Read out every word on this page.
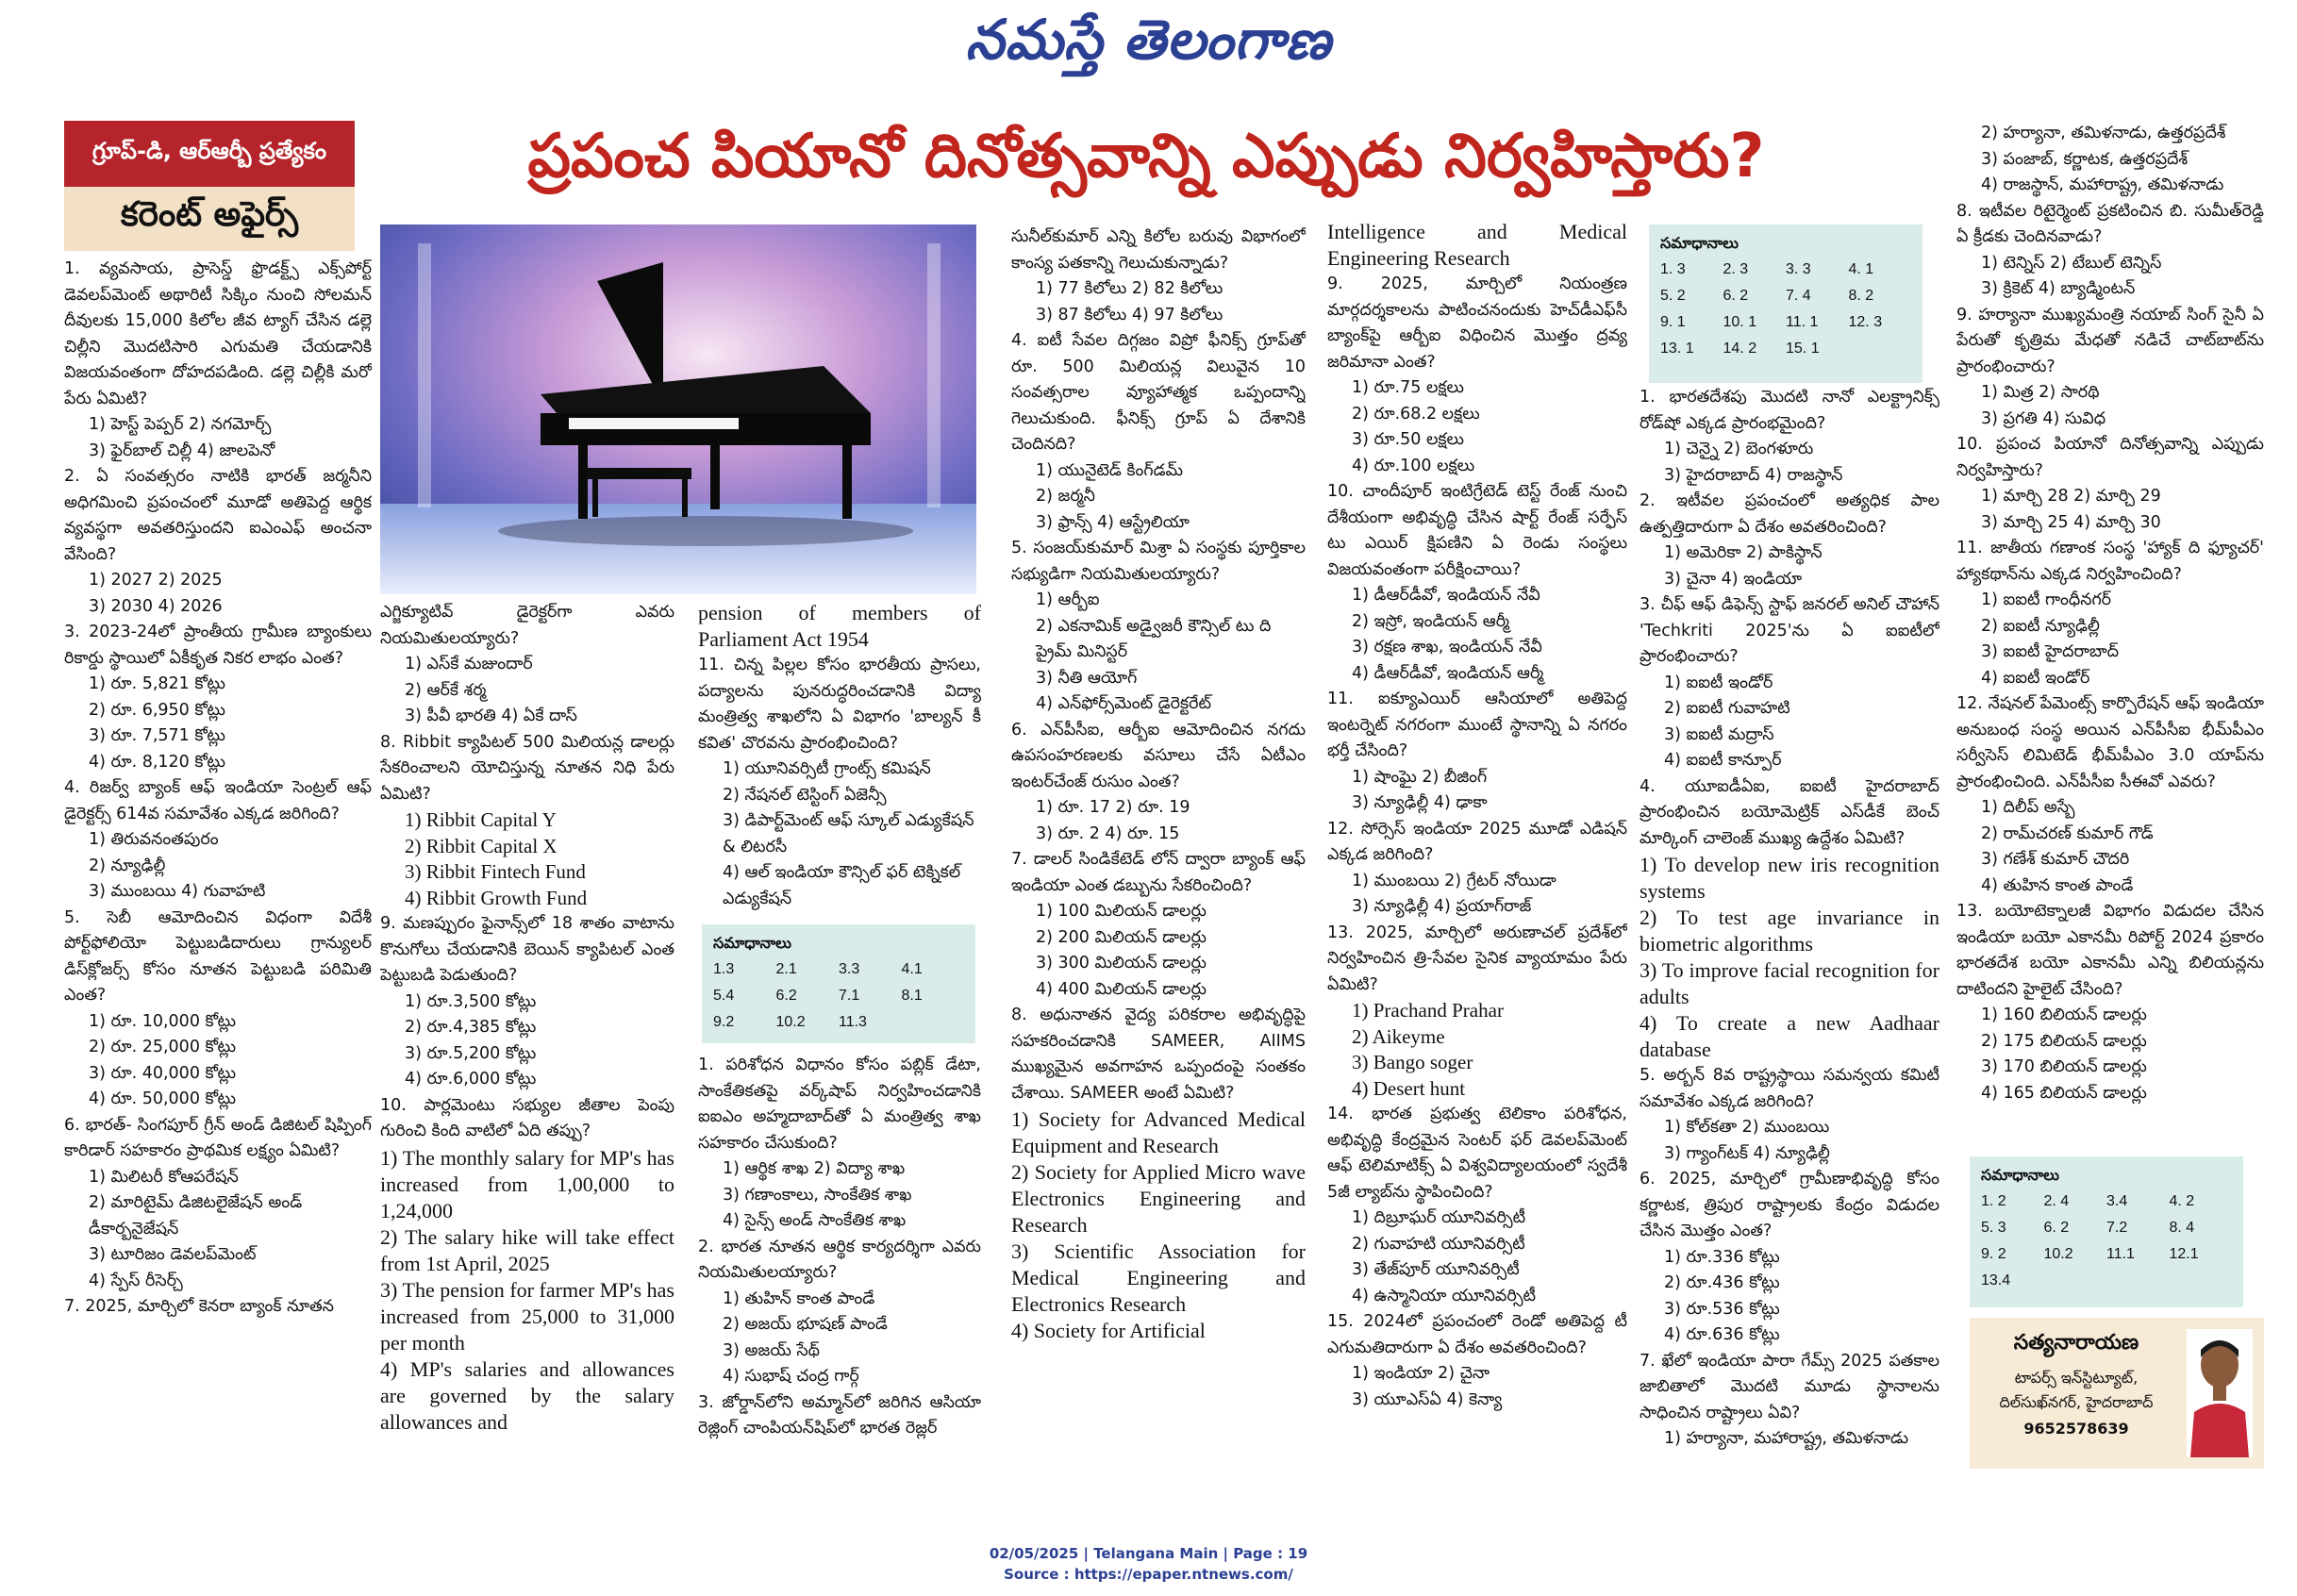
నమస్తే తెలంగాణ
గ్రూప్-డి, ఆర్ఆర్బీ ప్రత్యేకం
కరెంట్ అఫైర్స్
ప్రపంచ పియానో దినోత్సవాన్ని ఎప్పుడు నిర్వహిస్తారు?

1. వ్యవసాయ, ప్రాసెస్డ్ ఫ్రొడక్ట్స్ ఎక్స్‌పోర్ట్ డెవలప్‌మెంట్ అథారిటీ సిక్కిం నుంచి సోలమన్ దీవులకు 15,000 కిలోల జీవ ట్యాగ్ చేసిన డల్లె చిల్లీని మొదటిసారి ఎగుమతి చేయడానికి విజయవంతంగా దోహదపడింది. డల్లె చిల్లీకి మరో పేరు ఏమిటి?

1) హెస్ట్ పెప్పర్ 2) నగమోర్చ్

3) ఫైర్‌బాల్ చిల్లీ 4) జాలపెనో

2. ఏ సంవత్సరం నాటికి భారత్ జర్మనీని అధిగమించి ప్రపంచంలో మూడో అతిపెద్ద ఆర్థిక వ్యవస్థగా అవతరిస్తుందని ఐఎంఎఫ్ అంచనా వేసింది?

1) 2027 2) 2025

3) 2030 4) 2026

3. 2023-24లో ప్రాంతీయ గ్రామీణ బ్యాంకులు రికార్డు స్థాయిలో ఏకీకృత నికర లాభం ఎంత?

1) రూ. 5,821 కోట్లు

2) రూ. 6,950 కోట్లు

3) రూ. 7,571 కోట్లు

4) రూ. 8,120 కోట్లు

4. రిజర్వ్ బ్యాంక్ ఆఫ్ ఇండియా సెంట్రల్ ఆఫ్ డైరెక్టర్స్ 614వ సమావేశం ఎక్కడ జరిగింది?

1) తిరువనంతపురం

2) న్యూఢిల్లీ

3) ముంబయి 4) గువాహటి

5. సెబీ ఆమోదించిన విధంగా విదేశీ పోర్ట్‌ఫోలియో పెట్టుబడిదారులు గ్రాన్యులర్ డిస్‌క్లోజర్స్ కోసం నూతన పెట్టుబడి పరిమితి ఎంత?

1) రూ. 10,000 కోట్లు

2) రూ. 25,000 కోట్లు

3) రూ. 40,000 కోట్లు

4) రూ. 50,000 కోట్లు

6. భారత్- సింగపూర్ గ్రీన్ అండ్ డిజిటల్ షిప్పింగ్ కారిడార్ సహకారం ప్రాథమిక లక్ష్యం ఏమిటి?

1) మిలిటరీ కోఆపరేషన్

2) మారిటైమ్ డిజిటలైజేషన్ అండ్ డీకార్బనైజేషన్

3) టూరిజం డెవలప్‌మెంట్

4) స్పేస్ రీసెర్చ్

7. 2025, మార్చిలో కెనరా బ్యాంక్ నూతన

ఎగ్జిక్యూటివ్ డైరెక్టర్‌గా ఎవరు నియమితులయ్యారు?

1) ఎస్‌కే మజుందార్

2) ఆర్‌కే శర్మ

3) పీవీ భారతి 4) ఏకే దాస్

8. Ribbit క్యాపిటల్ 500 మిలియన్ల డాలర్లు సేకరించాలని యోచిస్తున్న నూతన నిధి పేరు ఏమిటి?

1) Ribbit Capital Y

2) Ribbit Capital X

3) Ribbit Fintech Fund

4) Ribbit Growth Fund

9. మణప్పురం ఫైనాన్స్‌లో 18 శాతం వాటాను కొనుగోలు చేయడానికి బెయిన్ క్యాపిటల్ ఎంత పెట్టుబడి పెడుతుంది?

1) రూ.3,500 కోట్లు

2) రూ.4,385 కోట్లు

3) రూ.5,200 కోట్లు

4) రూ.6,000 కోట్లు

10. పార్లమెంటు సభ్యుల జీతాల పెంపు గురించి కింది వాటిలో ఏది తప్పు?

1) The monthly salary for MP's has increased from 1,00,000 to 1,24,000

2) The salary hike will take effect from 1st April, 2025

3) The pension for farmer MP's has increased from 25,000 to 31,000 per month

4) MP's salaries and allowances are governed by the salary allowances and

pension of members of Parliament Act 1954

11. చిన్న పిల్లల కోసం భారతీయ ప్రాసలు, పద్యాలను పునరుద్ధరించడానికి విద్యా మంత్రిత్వ శాఖలోని ఏ విభాగం 'బాల్యన్ కీ కవిత' చొరవను ప్రారంభించింది?

1) యూనివర్సిటీ గ్రాంట్స్ కమిషన్

2) నేషనల్ టెస్టింగ్ ఏజెన్సీ

3) డిపార్ట్‌మెంట్ ఆఫ్ స్కూల్ ఎడ్యుకేషన్ & లిటరసీ

4) ఆల్ ఇండియా కౌన్సిల్ ఫర్ టెక్నికల్ ఎడ్యుకేషన్

సమాధానాలు
1.3	2.1	3.3	4.1
5.4	6.2	7.1	8.1
9.2	10.2	11.3

1. పరిశోధన విధానం కోసం పబ్లిక్ డేటా, సాంకేతికతపై వర్క్‌షాప్ నిర్వహించడానికి ఐఐఎం అహ్మదాబాద్‌తో ఏ మంత్రిత్వ శాఖ సహకారం చేసుకుంది?

1) ఆర్థిక శాఖ 2) విద్యా శాఖ

3) గణాంకాలు, సాంకేతిక శాఖ

4) సైన్స్ అండ్ సాంకేతిక శాఖ

2. భారత నూతన ఆర్థిక కార్యదర్శిగా ఎవరు నియమితులయ్యారు?

1) తుహిన్ కాంత పాండే

2) అజయ్ భూషణ్ పాండే

3) అజయ్ సేథ్

4) సుభాష్ చంద్ర గార్గ్

3. జోర్డాన్‌లోని అమ్మాన్‌లో జరిగిన ఆసియా రెజ్లింగ్ చాంపియన్‌షిప్‌లో భారత రెజ్లర్

సునీల్‌కుమార్ ఎన్ని కిలోల బరువు విభాగంలో కాంస్య పతకాన్ని గెలుచుకున్నాడు?

1) 77 కిలోలు 2) 82 కిలోలు

3) 87 కిలోలు 4) 97 కిలోలు

4. ఐటీ సేవల దిగ్గజం విప్రో ఫీనిక్స్ గ్రూప్‌తో రూ. 500 మిలియన్ల విలువైన 10 సంవత్సరాల వ్యూహాత్మక ఒప్పందాన్ని గెలుచుకుంది. ఫీనిక్స్ గ్రూప్ ఏ దేశానికి చెందినది?

1) యునైటెడ్ కింగ్‌డమ్

2) జర్మనీ

3) ఫ్రాన్స్ 4) ఆస్ట్రేలియా

5. సంజయ్‌కుమార్ మిశ్రా ఏ సంస్థకు పూర్తికాల సభ్యుడిగా నియమితులయ్యారు?

1) ఆర్బీఐ

2) ఎకనామిక్ అడ్వైజరీ కౌన్సిల్ టు ది ప్రైమ్ మినిస్టర్

3) నీతి ఆయోగ్

4) ఎన్‌ఫోర్స్‌మెంట్ డైరెక్టరేట్

6. ఎన్‌పీసీఐ, ఆర్బీఐ ఆమోదించిన నగదు ఉపసంహరణలకు వసూలు చేసే ఏటీఎం ఇంటర్‌చేంజ్ రుసుం ఎంత?

1) రూ. 17 2) రూ. 19

3) రూ. 2 4) రూ. 15

7. డాలర్ సిండికేటెడ్ లోన్ ద్వారా బ్యాంక్ ఆఫ్ ఇండియా ఎంత డబ్బును సేకరించింది?

1) 100 మిలియన్ డాలర్లు

2) 200 మిలియన్ డాలర్లు

3) 300 మిలియన్ డాలర్లు

4) 400 మిలియన్ డాలర్లు

8. అధునాతన వైద్య పరికరాల అభివృద్ధిపై సహకరించడానికి SAMEER, AIIMS ముఖ్యమైన అవగాహన ఒప్పందంపై సంతకం చేశాయి. SAMEER అంటే ఏమిటి?

1) Society for Advanced Medical Equipment and Research

2) Society for Applied Micro wave Electronics Engineering and Research

3) Scientific Association for Medical Engineering and Electronics Research

4) Society for Artificial

Intelligence and Medical Engineering Research

9. 2025, మార్చిలో నియంత్రణ మార్గదర్శకాలను పాటించనందుకు హెచ్‌డీఎఫ్‌సీ బ్యాంక్‌పై ఆర్బీఐ విధించిన మొత్తం ద్రవ్య జరిమానా ఎంత?

1) రూ.75 లక్షలు

2) రూ.68.2 లక్షలు

3) రూ.50 లక్షలు

4) రూ.100 లక్షలు

10. చాందీపూర్ ఇంటిగ్రేటెడ్ టెస్ట్ రేంజ్ నుంచి దేశీయంగా అభివృద్ధి చేసిన షార్ట్ రేంజ్ సర్ఫేస్ టు ఎయిర్ క్షిపణిని ఏ రెండు సంస్థలు విజయవంతంగా పరీక్షించాయి?

1) డీఆర్‌డీవో, ఇండియన్ నేవీ

2) ఇస్రో, ఇండియన్ ఆర్మీ

3) రక్షణ శాఖ, ఇండియన్ నేవీ

4) డీఆర్‌డీవో, ఇండియన్ ఆర్మీ

11. ఐక్యూఎయిర్ ఆసియాలో అతిపెద్ద ఇంటర్నెట్ నగరంగా ముంటే స్థానాన్ని ఏ నగరం భర్తీ చేసింది?

1) షాంఘై 2) బీజింగ్

3) న్యూఢిల్లీ 4) ఢాకా

12. సోర్సెస్ ఇండియా 2025 మూడో ఎడిషన్ ఎక్కడ జరిగింది?

1) ముంబయి 2) గ్రేటర్ నోయిడా

3) న్యూఢిల్లీ 4) ప్రయాగ్‌రాజ్

13. 2025, మార్చిలో అరుణాచల్ ప్రదేశ్‌లో నిర్వహించిన త్రి-సేవల సైనిక వ్యాయామం పేరు ఏమిటి?

1) Prachand Prahar

2) Aikeyme

3) Bango soger

4) Desert hunt

14. భారత ప్రభుత్వ టెలికాం పరిశోధన, అభివృద్ధి కేంద్రమైన సెంటర్ ఫర్ డెవలప్‌మెంట్ ఆఫ్ టెలిమాటిక్స్ ఏ విశ్వవిద్యాలయంలో స్వదేశీ 5జీ ల్యాబ్‌ను స్థాపించింది?

1) దిబ్రూఘర్ యూనివర్సిటీ

2) గువాహటి యూనివర్సిటీ

3) తేజ్‌పూర్ యూనివర్సిటీ

4) ఉస్మానియా యూనివర్సిటీ

15. 2024లో ప్రపంచంలో రెండో అతిపెద్ద టీ ఎగుమతిదారుగా ఏ దేశం అవతరించింది?

1) ఇండియా 2) చైనా

3) యూఎస్ఏ 4) కెన్యా

సమాధానాలు
1. 3	2. 3	3. 3	4. 1
5. 2	6. 2	7. 4	8. 2
9. 1	10. 1	11. 1	12. 3
13. 1	14. 2	15. 1

1. భారతదేశపు మొదటి నానో ఎలక్ట్రానిక్స్ రోడ్‌షో ఎక్కడ ప్రారంభమైంది?

1) చెన్నై 2) బెంగళూరు

3) హైదరాబాద్ 4) రాజస్థాన్

2. ఇటీవల ప్రపంచంలో అత్యధిక పాల ఉత్పత్తిదారుగా ఏ దేశం అవతరించింది?

1) అమెరికా 2) పాకిస్థాన్

3) చైనా 4) ఇండియా

3. చీఫ్ ఆఫ్ డిఫెన్స్ స్టాఫ్ జనరల్ అనిల్ చౌహాన్ 'Techkriti 2025'ను ఏ ఐఐటీలో ప్రారంభించారు?

1) ఐఐటీ ఇండోర్

2) ఐఐటీ గువాహటి

3) ఐఐటీ మద్రాస్

4) ఐఐటీ కాన్పూర్

4. యూఐడీఏఐ, ఐఐటీ హైదరాబాద్ ప్రారంభించిన బయోమెట్రిక్ ఎస్‌డీకే బెంచ్ మార్కింగ్ చాలెంజ్ ముఖ్య ఉద్దేశం ఏమిటి?

1) To develop new iris recognition systems

2) To test age invariance in biometric algorithms

3) To improve facial recognition for adults

4) To create a new Aadhaar database

5. అర్బన్ 8వ రాష్ట్రస్థాయి సమన్వయ కమిటీ సమావేశం ఎక్కడ జరిగింది?

1) కోల్‌కతా 2) ముంబయి

3) గ్యాంగ్‌టక్ 4) న్యూఢిల్లీ

6. 2025, మార్చిలో గ్రామీణాభివృద్ధి కోసం కర్ణాటక, త్రిపుర రాష్ట్రాలకు కేంద్రం విడుదల చేసిన మొత్తం ఎంత?

1) రూ.336 కోట్లు

2) రూ.436 కోట్లు

3) రూ.536 కోట్లు

4) రూ.636 కోట్లు

7. ఖేలో ఇండియా పారా గేమ్స్ 2025 పతకాల జాబితాలో మొదటి మూడు స్థానాలను సాధించిన రాష్ట్రాలు ఏవి?

1) హర్యానా, మహారాష్ట్ర, తమిళనాడు

2) హర్యానా, తమిళనాడు, ఉత్తరప్రదేశ్

3) పంజాబ్, కర్ణాటక, ఉత్తరప్రదేశ్

4) రాజస్థాన్, మహారాష్ట్ర, తమిళనాడు

8. ఇటీవల రిటైర్మెంట్ ప్రకటించిన బి. సుమీత్‌రెడ్డి ఏ క్రీడకు చెందినవాడు?

1) టెన్నిస్ 2) టేబుల్ టెన్నిస్

3) క్రికెట్ 4) బ్యాడ్మింటన్

9. హర్యానా ముఖ్యమంత్రి నయాబ్ సింగ్ సైనీ ఏ పేరుతో కృత్రిమ మేధతో నడిచే చాట్‌బాట్‌ను ప్రారంభించారు?

1) మిత్ర 2) సారథి

3) ప్రగతి 4) సువిధ

10. ప్రపంచ పియానో దినోత్సవాన్ని ఎప్పుడు నిర్వహిస్తారు?

1) మార్చి 28 2) మార్చి 29

3) మార్చి 25 4) మార్చి 30

11. జాతీయ గణాంక సంస్థ 'హ్యాక్ ది ఫ్యూచర్' హ్యాకథాన్‌ను ఎక్కడ నిర్వహించింది?

1) ఐఐటీ గాంధీనగర్

2) ఐఐటీ న్యూఢిల్లీ

3) ఐఐటీ హైదరాబాద్

4) ఐఐటీ ఇండోర్

12. నేషనల్ పేమెంట్స్ కార్పొరేషన్ ఆఫ్ ఇండియా అనుబంధ సంస్థ అయిన ఎన్‌పీసీఐ భీమ్‌పీఎం సర్వీసెస్ లిమిటెడ్ భీమ్‌పీఎం 3.0 యాప్‌ను ప్రారంభించింది. ఎన్‌పీసీఐ సీఈవో ఎవరు?

1) దిలీప్ అస్బే

2) రామ్‌చరణ్ కుమార్ గౌడ్

3) గణేశ్ కుమార్ చౌదరి

4) తుహిన కాంత పాండే

13. బయోటెక్నాలజీ విభాగం విడుదల చేసిన ఇండియా బయో ఎకానమీ రిపోర్ట్ 2024 ప్రకారం భారతదేశ బయో ఎకానమీ ఎన్ని బిలియన్లను దాటిందని హైలైట్ చేసింది?

1) 160 బిలియన్ డాలర్లు

2) 175 బిలియన్ డాలర్లు

3) 170 బిలియన్ డాలర్లు

4) 165 బిలియన్ డాలర్లు

సమాధానాలు
1. 2	2. 4	3.4	4. 2
5. 3	6. 2	7.2	8. 4
9. 2	10.2	11.1	12.1
13.4
సత్యనారాయణ
టాపర్స్ ఇన్‌స్టిట్యూట్,
దిల్‌సుఖ్‌నగర్, హైదరాబాద్
9652578639
02/05/2025 | Telangana Main | Page : 19
Source : https://epaper.ntnews.com/
